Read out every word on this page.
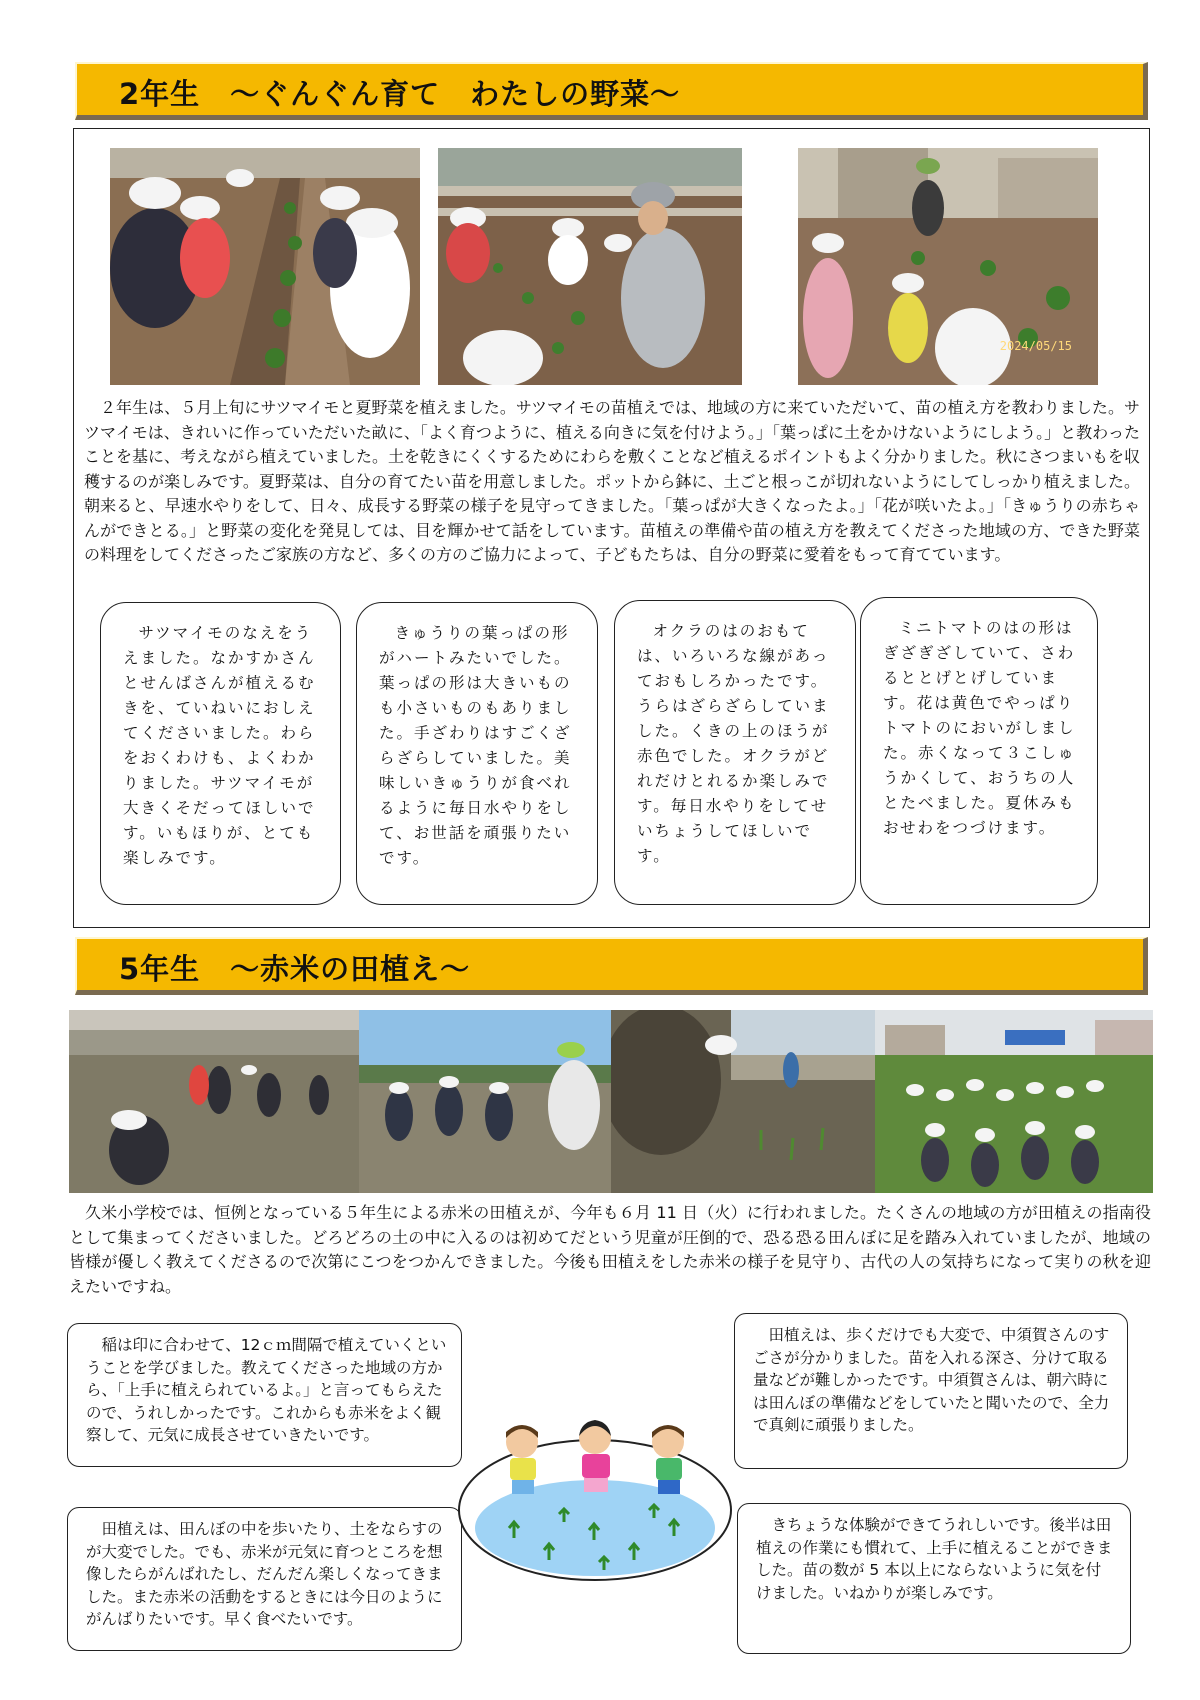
2年生　～ぐんぐん育て　わたしの野菜～
2024/05/15

２年生は、５月上旬にサツマイモと夏野菜を植えました。サツマイモの苗植えでは、地域の方に来ていただいて、苗の植え方を教わりました。サツマイモは、きれいに作っていただいた畝に、「よく育つように、植える向きに気を付けよう。」「葉っぱに土をかけないようにしよう。」と教わったことを基に、考えながら植えていました。土を乾きにくくするためにわらを敷くことなど植えるポイントもよく分かりました。秋にさつまいもを収穫するのが楽しみです。夏野菜は、自分の育てたい苗を用意しました。ポットから鉢に、土ごと根っこが切れないようにしてしっかり植えました。朝来ると、早速水やりをして、日々、成長する野菜の様子を見守ってきました。「葉っぱが大きくなったよ。」「花が咲いたよ。」「きゅうりの赤ちゃんができとる。」と野菜の変化を発見しては、目を輝かせて話をしています。苗植えの準備や苗の植え方を教えてくださった地域の方、できた野菜の料理をしてくださったご家族の方など、多くの方のご協力によって、子どもたちは、自分の野菜に愛着をもって育てています。

サツマイモのなえをうえました。なかすかさんとせんばさんが植えるむきを、ていねいにおしえてくださいました。わらをおくわけも、よくわかりました。サツマイモが大きくそだってほしいです。いもほりが、とても楽しみです。
きゅうりの葉っぱの形がハートみたいでした。葉っぱの形は大きいものも小さいものもありました。手ざわりはすごくざらざらしていました。美味しいきゅうりが食べれるように毎日水やりをして、お世話を頑張りたいです。
オクラのはのおもては、いろいろな線があっておもしろかったです。うらはざらざらしていました。くきの上のほうが赤色でした。オクラがどれだけとれるか楽しみです。毎日水やりをしてせいちょうしてほしいです。
ミニトマトのはの形はぎざぎざしていて、さわるととげとげしています。花は黄色でやっぱりトマトのにおいがしました。赤くなって３こしゅうかくして、おうちの人とたべました。夏休みもおせわをつづけます。
5年生　～赤米の田植え～

久米小学校では、恒例となっている５年生による赤米の田植えが、今年も６月 11 日（火）に行われました。たくさんの地域の方が田植えの指南役として集まってくださいました。どろどろの土の中に入るのは初めてだという児童が圧倒的で、恐る恐る田んぼに足を踏み入れていましたが、地域の皆様が優しく教えてくださるので次第にこつをつかんできました。今後も田植えをした赤米の様子を見守り、古代の人の気持ちになって実りの秋を迎えたいですね。

稲は印に合わせて、12ｃｍ間隔で植えていくということを学びました。教えてくださった地域の方から、「上手に植えられているよ。」と言ってもらえたので、うれしかったです。これからも赤米をよく観察して、元気に成長させていきたいです。
田植えは、歩くだけでも大変で、中須賀さんのすごさが分かりました。苗を入れる深さ、分けて取る量などが難しかったです。中須賀さんは、朝六時には田んぼの準備などをしていたと聞いたので、全力で真剣に頑張りました。
田植えは、田んぼの中を歩いたり、土をならすのが大変でした。でも、赤米が元気に育つところを想像したらがんばれたし、だんだん楽しくなってきました。また赤米の活動をするときには今日のようにがんばりたいです。早く食べたいです。
きちょうな体験ができてうれしいです。後半は田植えの作業にも慣れて、上手に植えることができました。苗の数が 5 本以上にならないように気を付けました。いねかりが楽しみです。
